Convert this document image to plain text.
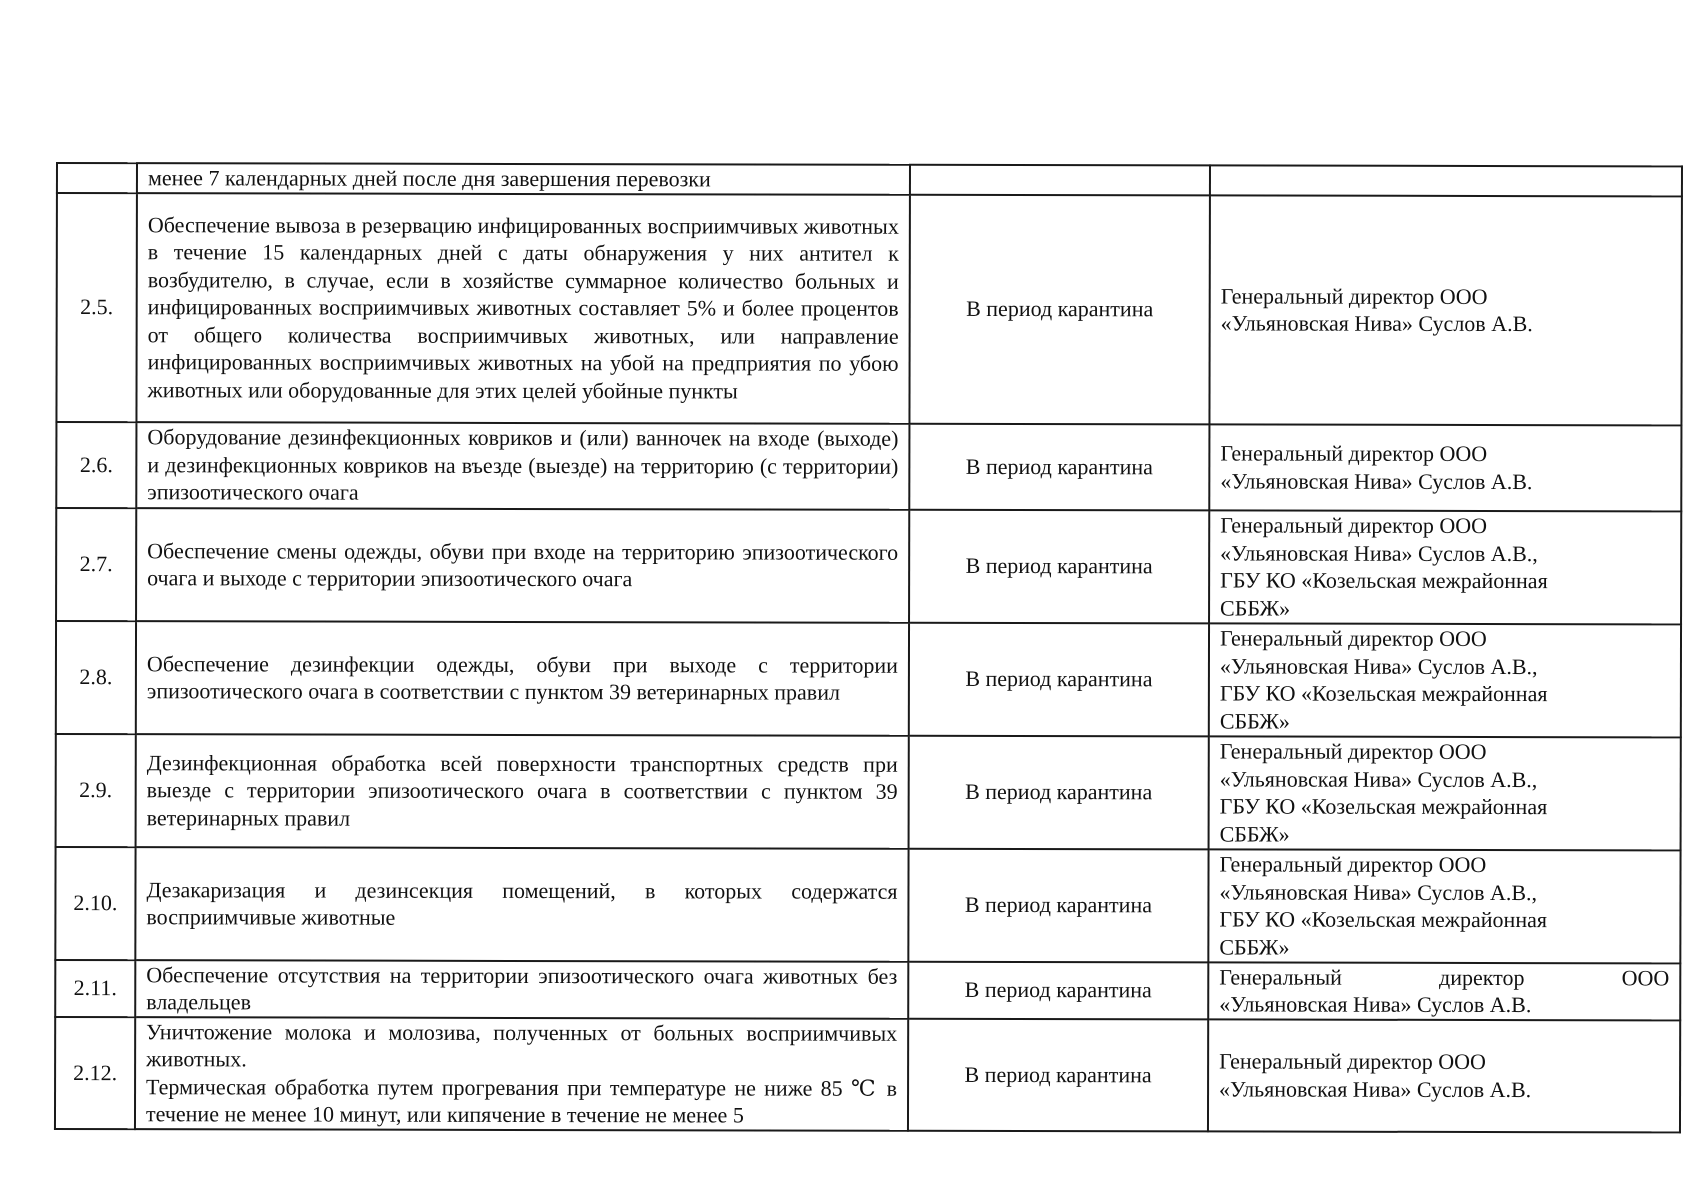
	менее 7 календарных дней после дня завершения перевозки		
2.5.	Обеспечение вывоза в резервацию инфицированных восприимчивых животных в течение 15 календарных дней с даты обнаружения у них антител к возбудителю, в случае, если в хозяйстве суммарное количество больных и инфицированных восприимчивых животных составляет 5% и более процентов от общего количества восприимчивых животных, или направление инфицированных восприимчивых животных на убой на предприятия по убою животных или оборудованные для этих целей убойные пункты	В период карантина	Генеральный директор ООО
«Ульяновская Нива» Суслов А.В.

2.6.	Оборудование дезинфекционных ковриков и (или) ванночек на входе (выходе) и дезинфекционных ковриков на въезде (выезде) на территорию (с территории) эпизоотического очага	В период карантина	Генеральный директор ООО
«Ульяновская Нива» Суслов А.В.

2.7.	Обеспечение смены одежды, обуви при входе на территорию эпизоотического очага и выходе с территории эпизоотического очага	В период карантина	Генеральный директор ООО
«Ульяновская Нива» Суслов А.В.,
ГБУ КО «Козельская межрайонная
СББЖ»

2.8.	Обеспечение дезинфекции одежды, обуви при выходе с территории эпизоотического очага в соответствии с пунктом 39 ветеринарных правил	В период карантина	Генеральный директор ООО
«Ульяновская Нива» Суслов А.В.,
ГБУ КО «Козельская межрайонная
СББЖ»

2.9.	Дезинфекционная обработка всей поверхности транспортных средств при выезде с территории эпизоотического очага в соответствии с пунктом 39 ветеринарных правил	В период карантина	Генеральный директор ООО
«Ульяновская Нива» Суслов А.В.,
ГБУ КО «Козельская межрайонная
СББЖ»

2.10.	Дезакаризация и дезинсекция помещений, в которых содержатся восприимчивые животные	В период карантина	Генеральный директор ООО
«Ульяновская Нива» Суслов А.В.,
ГБУ КО «Козельская межрайонная
СББЖ»

2.11.	Обеспечение отсутствия на территории эпизоотического очага животных без владельцев	В период карантина	Генеральный директор ООО
«Ульяновская Нива» Суслов А.В.

2.12.	Уничтожение молока и молозива, полученных от больных восприимчивых животных.
Термическая обработка путем прогревания при температуре не ниже 85 ℃ в течение не менее 10 минут, или кипячение в течение не менее 5	В период карантина	Генеральный директор ООО
«Ульяновская Нива» Суслов А.В.
